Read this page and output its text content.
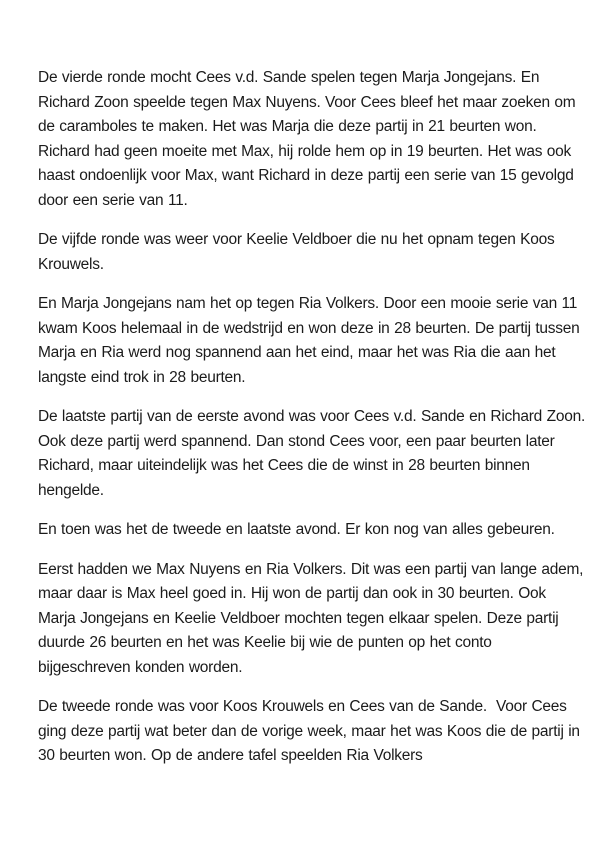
De vierde ronde mocht Cees v.d. Sande spelen tegen Marja Jongejans. En Richard Zoon speelde tegen Max Nuyens. Voor Cees bleef het maar zoeken om de caramboles te maken. Het was Marja die deze partij in 21 beurten won. Richard had geen moeite met Max, hij rolde hem op in 19 beurten. Het was ook haast ondoenlijk voor Max, want Richard in deze partij een serie van 15 gevolgd door een serie van 11.

De vijfde ronde was weer voor Keelie Veldboer die nu het opnam tegen Koos Krouwels.

En Marja Jongejans nam het op tegen Ria Volkers. Door een mooie serie van 11 kwam Koos helemaal in de wedstrijd en won deze in 28 beurten. De partij tussen Marja en Ria werd nog spannend aan het eind, maar het was Ria die aan het langste eind trok in 28 beurten.

De laatste partij van de eerste avond was voor Cees v.d. Sande en Richard Zoon. Ook deze partij werd spannend. Dan stond Cees voor, een paar beurten later Richard, maar uiteindelijk was het Cees die de winst in 28 beurten binnen hengelde.

En toen was het de tweede en laatste avond. Er kon nog van alles gebeuren.

Eerst hadden we Max Nuyens en Ria Volkers. Dit was een partij van lange adem, maar daar is Max heel goed in. Hij won de partij dan ook in 30 beurten. Ook Marja Jongejans en Keelie Veldboer mochten tegen elkaar spelen. Deze partij duurde 26 beurten en het was Keelie bij wie de punten op het conto bijgeschreven konden worden.

De tweede ronde was voor Koos Krouwels en Cees van de Sande.  Voor Cees ging deze partij wat beter dan de vorige week, maar het was Koos die de partij in 30 beurten won. Op de andere tafel speelden Ria Volkers
